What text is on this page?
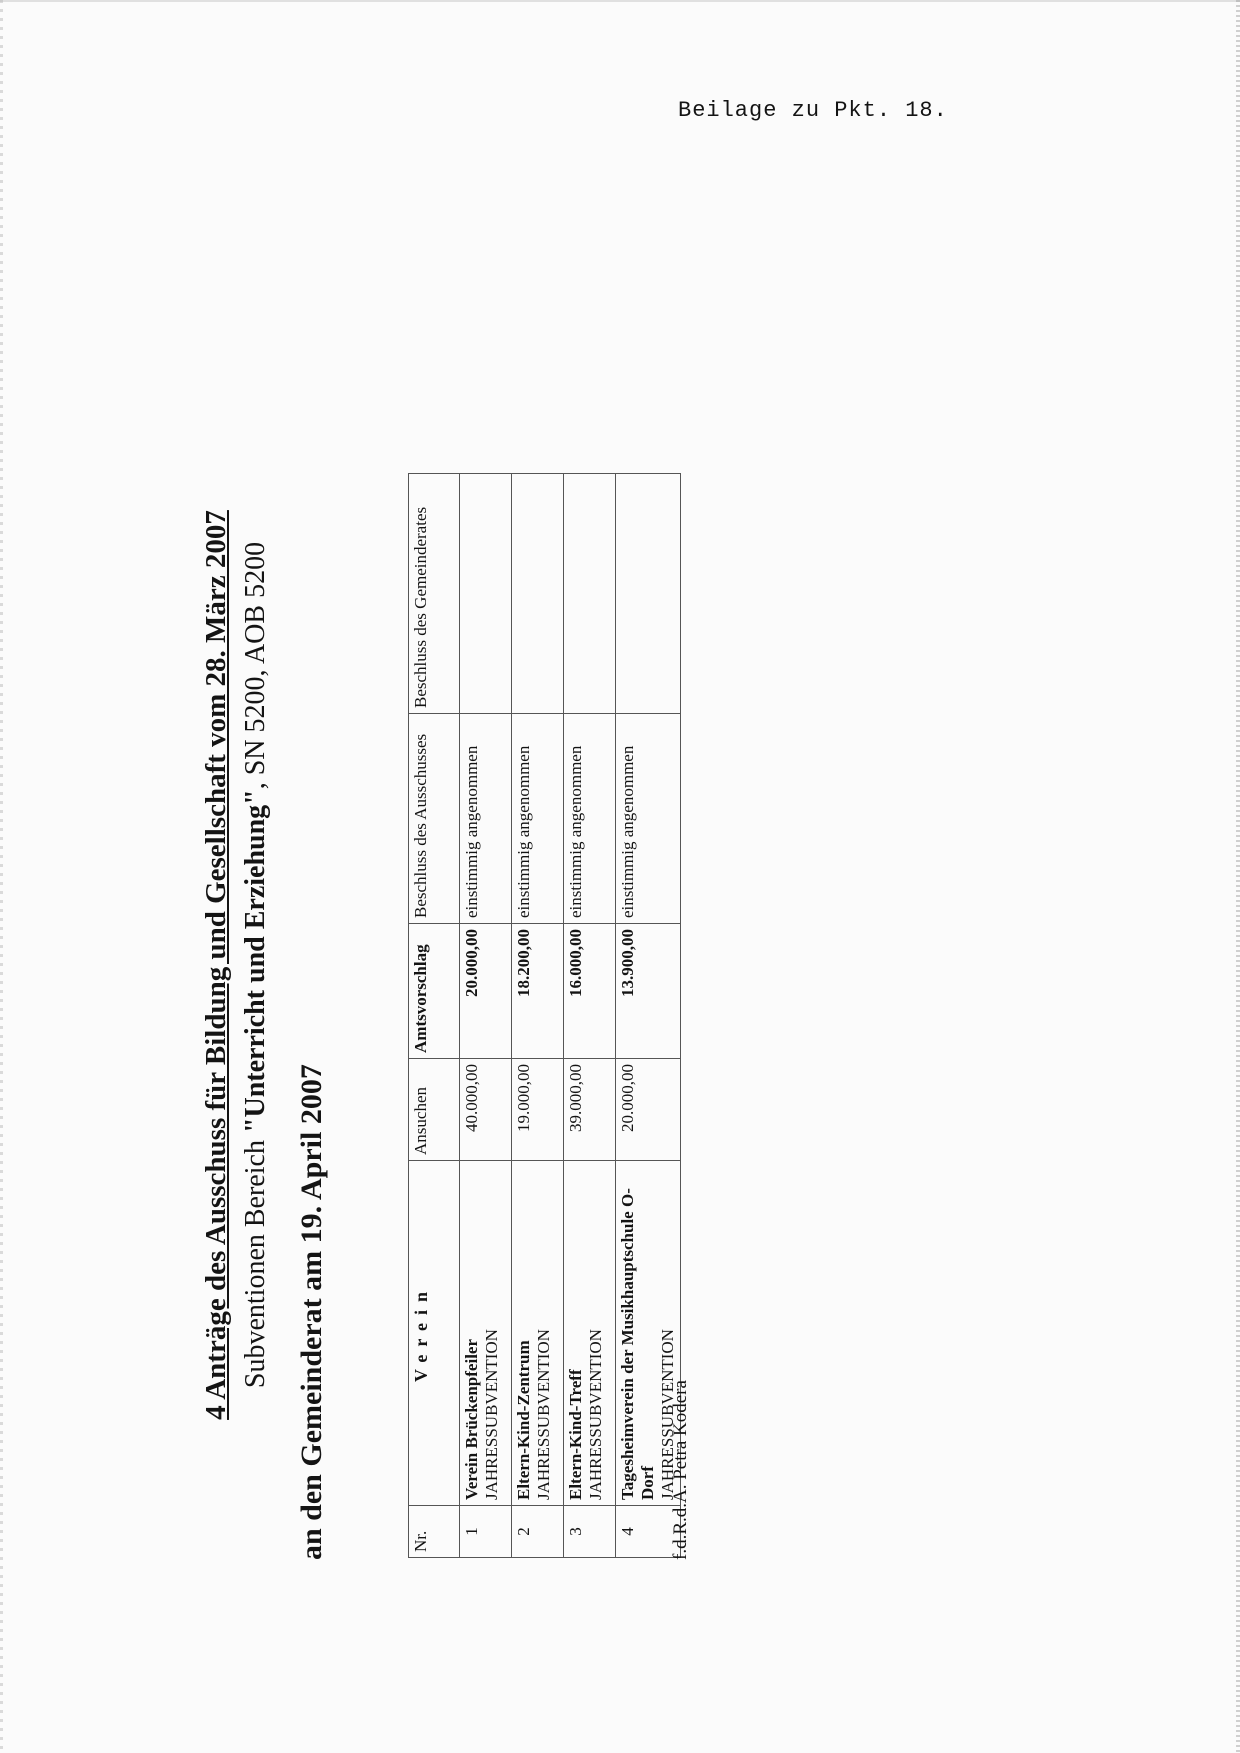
Beilage zu Pkt. 18.
4 Anträge des Ausschuss für Bildung und Gesellschaft vom 28. März 2007 Subventionen Bereich "Unterricht und Erziehung", SN 5200, AOB 5200
an den Gemeinderat am 19. April 2007	Nr.	Verein	Ansuchen	Amtsvorschlag	Beschluss des Ausschusses	Beschluss des Gemeinderates
1	Verein Brückenpfeiler JAHRESSUBVENTION	40.000,00	20.000,00	einstimmig angenommen	
2	Eltern-Kind-Zentrum JAHRESSUBVENTION	19.000,00	18.200,00	einstimmig angenommen	
3	Eltern-Kind-Treff JAHRESSUBVENTION	39.000,00	16.000,00	einstimmig angenommen	
4	Tagesheimverein der Musikhauptschule O-Dorf JAHRESSUBVENTION	20.000,00	13.900,00	einstimmig angenommen	
f.d.R.d.A. Petra Kodera
